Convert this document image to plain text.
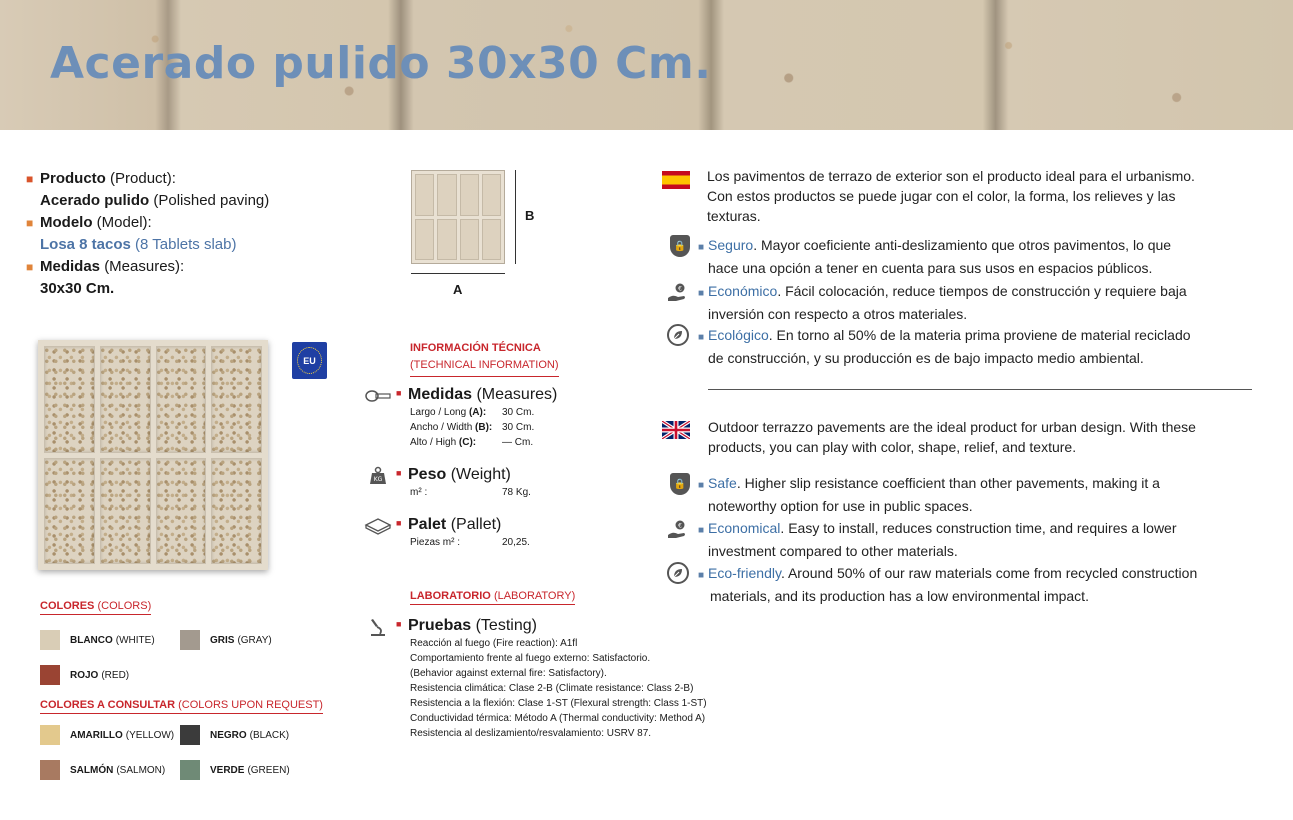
Acerado pulido 30x30 Cm.
■ Producto (Product):
Acerado pulido (Polished paving)
■ Modelo (Model):
Losa 8 tacos (8 Tablets slab)
■ Medidas (Measures):
30x30 Cm.
B
A
EU
COLORES (COLORS)
BLANCO (WHITE)	GRIS (GRAY)
ROJO (RED)
COLORES A CONSULTAR (COLORS UPON REQUEST)
AMARILLO (YELLOW)	NEGRO (BLACK)
SALMÓN (SALMON)	VERDE (GREEN)
INFORMACIÓN TÉCNICA
(TECHNICAL INFORMATION)
■ Medidas (Measures)
Largo / Long (A):	30 Cm.
Ancho / Width (B): 30 Cm.
Alto / High (C):	— Cm.
KG
■ Peso (Weight)
m² :	78 Kg.
■ Palet (Pallet)
Piezas m² :	20,25.
LABORATORIO (LABORATORY)
■ Pruebas (Testing)
Reacción al fuego (Fire reaction): A1fl
Comportamiento frente al fuego externo: Satisfactorio.
(Behavior against external fire: Satisfactory).
Resistencia climática: Clase 2-B (Climate resistance: Class 2-B)
Resistencia a la flexión: Clase 1-ST (Flexural strength: Class 1-ST)
Conductividad térmica: Método A (Thermal conductivity: Method A)
Resistencia al deslizamiento/resvalamiento: USRV 87.
Los pavimentos de terrazo de exterior son el producto ideal para el urbanismo.
Con estos productos se puede jugar con el color, la forma, los relieves y las
texturas.
🔒	■ Seguro. Mayor coeficiente anti-deslizamiento que otros pavimentos, lo que
hace una opción a tener en cuenta para sus usos en espacios públicos.
€ ■ Económico. Fácil colocación, reduce tiempos de construcción y requiere baja
inversión con respecto a otros materiales.
■ Ecológico. En torno al 50% de la materia prima proviene de material reciclado
de construcción, y su producción es de bajo impacto medio ambiental.
Outdoor terrazzo pavements are the ideal product for urban design. With these
products, you can play with color, shape, relief, and texture.
🔒	■ Safe. Higher slip resistance coefficient than other pavements, making it a
noteworthy option for use in public spaces.
€ ■ Economical. Easy to install, reduces construction time, and requires a lower
investment compared to other materials.
■ Eco-friendly. Around 50% of our raw materials come from recycled construction
materials, and its production has a low environmental impact.
